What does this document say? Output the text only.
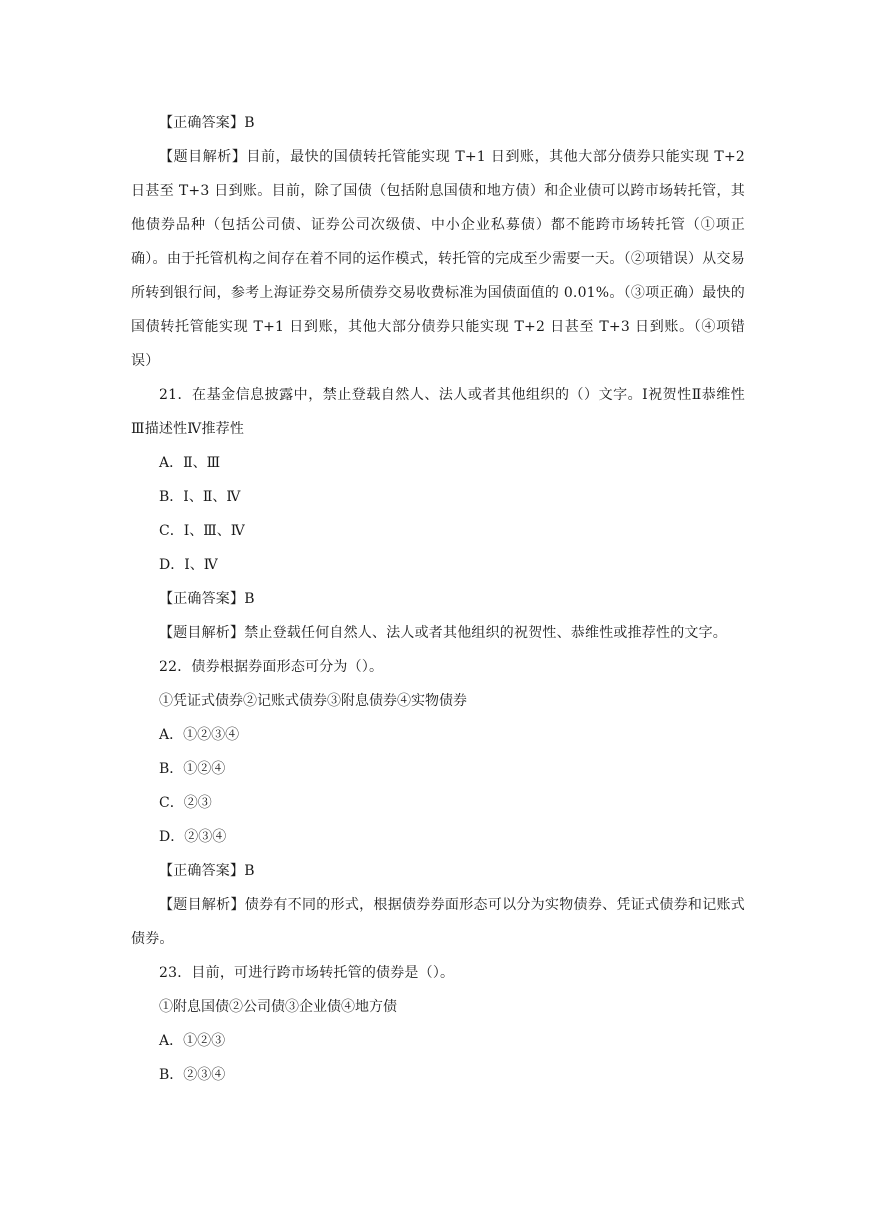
【正确答案】B

【题目解析】目前，最快的国债转托管能实现 T+1 日到账，其他大部分债券只能实现 T+2 日甚至 T+3 日到账。目前，除了国债（包括附息国债和地方债）和企业债可以跨市场转托管，其他债券品种（包括公司债、证券公司次级债、中小企业私募债）都不能跨市场转托管（①项正确）。由于托管机构之间存在着不同的运作模式，转托管的完成至少需要一天。（②项错误）从交易所转到银行间，参考上海证券交易所债券交易收费标准为国债面值的 0.01%。（③项正确）最快的国债转托管能实现 T+1 日到账，其他大部分债券只能实现 T+2 日甚至 T+3 日到账。（④项错误）

21．在基金信息披露中，禁止登载自然人、法人或者其他组织的（）文字。Ⅰ祝贺性Ⅱ恭维性Ⅲ描述性Ⅳ推荐性

A．Ⅱ、Ⅲ

B．Ⅰ、Ⅱ、Ⅳ

C．Ⅰ、Ⅲ、Ⅳ

D．Ⅰ、Ⅳ

【正确答案】B

【题目解析】禁止登载任何自然人、法人或者其他组织的祝贺性、恭维性或推荐性的文字。

22．债券根据券面形态可分为（）。

①凭证式债券②记账式债券③附息债券④实物债券

A．①②③④

B．①②④

C．②③

D．②③④

【正确答案】B

【题目解析】债券有不同的形式，根据债券券面形态可以分为实物债券、凭证式债券和记账式债券。

23．目前，可进行跨市场转托管的债券是（）。

①附息国债②公司债③企业债④地方债

A．①②③

B．②③④
